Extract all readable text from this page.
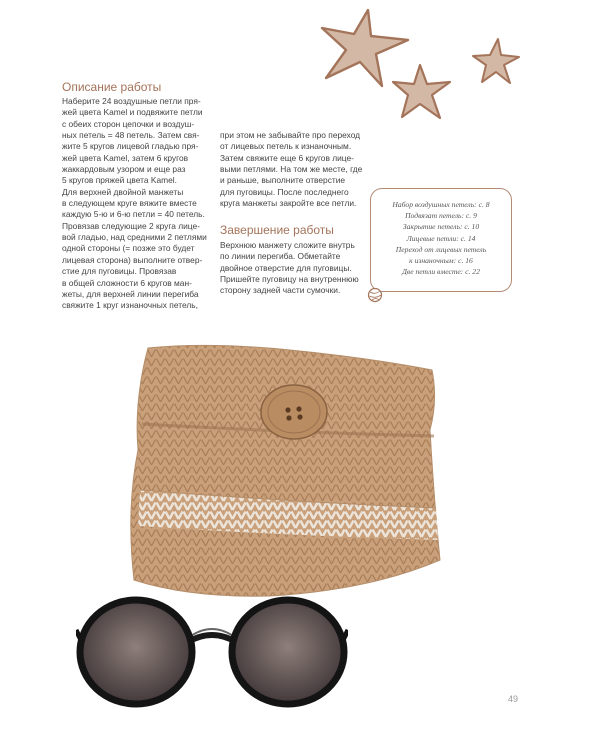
Описание работы
Наберите 24 воздушные петли пря-
жей цвета Kamel и подвяжите петли
с обеих сторон цепочки и воздуш-
ных петель = 48 петель. Затем свя-
жите 5 кругов лицевой гладью пря-
жей цвета Kamel, затем 6 кругов
жаккардовым узором и еще раз
5 кругов пряжей цвета Kamel.
Для верхней двойной манжеты
в следующем круге вяжите вместе
каждую 5-ю и 6-ю петли = 40 петель.
Провязав следующие 2 круга лице-
вой гладью, над средними 2 петлями
одной стороны (= позже это будет
лицевая сторона) выполните отвер-
стие для пуговицы. Провязав
в общей сложности 6 кругов ман-
жеты, для верхней линии перегиба
свяжите 1 круг изнаночных петель,
при этом не забывайте про переход
от лицевых петель к изнаночным.
Затем свяжите еще 6 кругов лице-
выми петлями. На том же месте, где
и раньше, выполните отверстие
для пуговицы. После последнего
круга манжеты закройте все петли.
Завершение работы
Верхнюю манжету сложите внутрь
по линии перегиба. Обметайте
двойное отверстие для пуговицы.
Пришейте пуговицу на внутреннюю
сторону задней части сумочки.
Набор воздушных петель: с. 8
Подвязат петель: с. 9
Закрытие петель: с. 10
Лицевые петли: с. 14
Переход от лицевых петель
к изнаночным: с. 16
Две петли вместе: с. 22
49
